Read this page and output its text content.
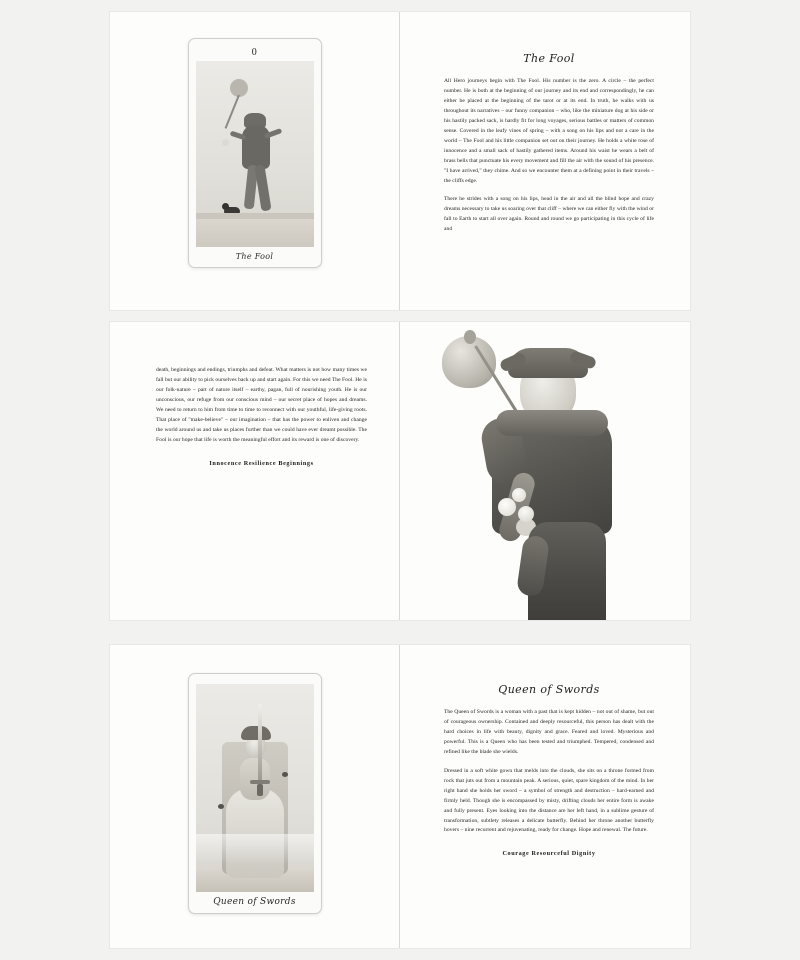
0
The Fool
The Fool

All Hero journeys begin with The Fool. His number is the zero. A circle – the perfect number. He is both at the beginning of our journey and its end and correspondingly, he can either be placed at the beginning of the tarot or at its end. In truth, he walks with us throughout its narratives – our funny companion – who, like the miniature dog at his side or his hastily packed sack, is hardly fit for long voyages, serious battles or matters of common sense. Covered in the leafy vines of spring – with a song on his lips and not a care in the world – The Fool and his little companion set out on their journey. He holds a white rose of innocence and a small sack of hastily gathered items. Around his waist he wears a belt of brass bells that punctuate his every movement and fill the air with the sound of his presence. "I have arrived," they chime. And so we encounter them at a defining point in their travels – the cliffs edge.

There he strides with a song on his lips, head in the air and all the blind hope and crazy dreams necessary to take us soaring over that cliff – where we can either fly with the wind or fall to Earth to start all over again. Round and round we go participating in this cycle of life and

death, beginnings and endings, triumphs and defeat. What matters is not how many times we fall but our ability to pick ourselves back up and start again. For this we need The Fool. He is our folk-nature – part of nature itself – earthy, pagan, full of nourishing youth. He is our unconscious, our refuge from our conscious mind – our secret place of hopes and dreams. We need to return to him from time to time to reconnect with our youthful, life-giving roots. That place of "make-believe" – our imagination – that has the power to enliven and change the world around us and take us places further than we could have ever dreamt possible. The Fool is our hope that life is worth the meaningful effort and its reward is one of discovery.

Innocence Resilience Beginnings
Queen of Swords
Queen of Swords

The Queen of Swords is a woman with a past that is kept hidden – not out of shame, but out of courageous ownership. Contained and deeply resourceful, this person has dealt with the hard choices in life with beauty, dignity and grace. Feared and loved. Mysterious and powerful. This is a Queen who has been tested and triumphed. Tempered, condensed and refined like the blade she wields.

Dressed in a soft white gown that melds into the clouds, she sits on a throne formed from rock that juts out from a mountain peak. A serious, quiet, spare kingdom of the mind. In her right hand she holds her sword – a symbol of strength and destruction – hard-earned and firmly held. Though she is encompassed by misty, drifting clouds her entire form is awake and fully present. Eyes looking into the distance are her left hand, in a sublime gesture of transformation, subtlety releases a delicate butterfly. Behind her throne another butterfly hovers – nine recurrent and rejuvenating, ready for change. Hope and renewal. The future.

Courage Resourceful Dignity
